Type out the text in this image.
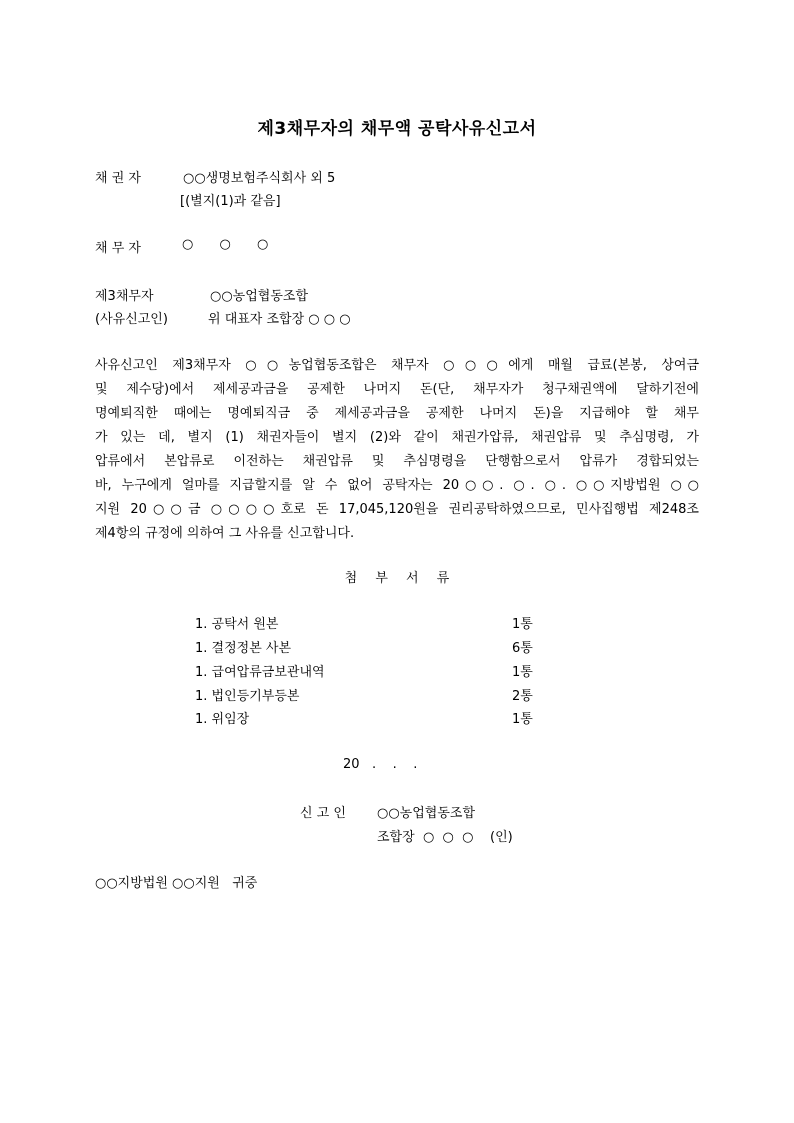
제3채무자의 채무액 공탁사유신고서
채 권 자	○○생명보험주식회사 외 5
[(별지(1)과 같음]
채 무 자	○ ○ ○
제3채무자	○○농업협동조합
(사유신고인)	위 대표자 조합장 ○ ○ ○
사유신고인 제3채무자 ○○농업협동조합은 채무자 ○○○에게 매월 급료(본봉, 상여금
및 제수당)에서 제세공과금을 공제한 나머지 돈(단, 채무자가 청구채권액에 달하기전에
명예퇴직한 때에는 명예퇴직금 중 제세공과금을 공제한 나머지 돈)을 지급해야 할 채무
가 있는 데, 별지 (1) 채권자들이 별지 (2)와 같이 채권가압류, 채권압류 및 추심명령, 가
압류에서 본압류로 이전하는 채권압류 및 추심명령을 단행함으로서 압류가 경합되었는
바, 누구에게 얼마를 지급할지를 알 수 없어 공탁자는 20○○. ○. ○. ○○지방법원 ○○
지원 20○○금 ○○○○호로 돈 17,045,120원을 권리공탁하였으므로, 민사집행법 제248조
제4항의 규정에 의하여 그 사유를 신고합니다.
첨 부 서 류
1. 공탁서 원본	1통
1. 결정정본 사본	6통
1. 급여압류금보관내역	1통
1. 법인등기부등본	2통
1. 위임장	1통
20   .    .    .
신 고 인 ○○농업협동조합
조합장  ○  ○  ○    (인)
○○지방법원 ○○지원   귀중
